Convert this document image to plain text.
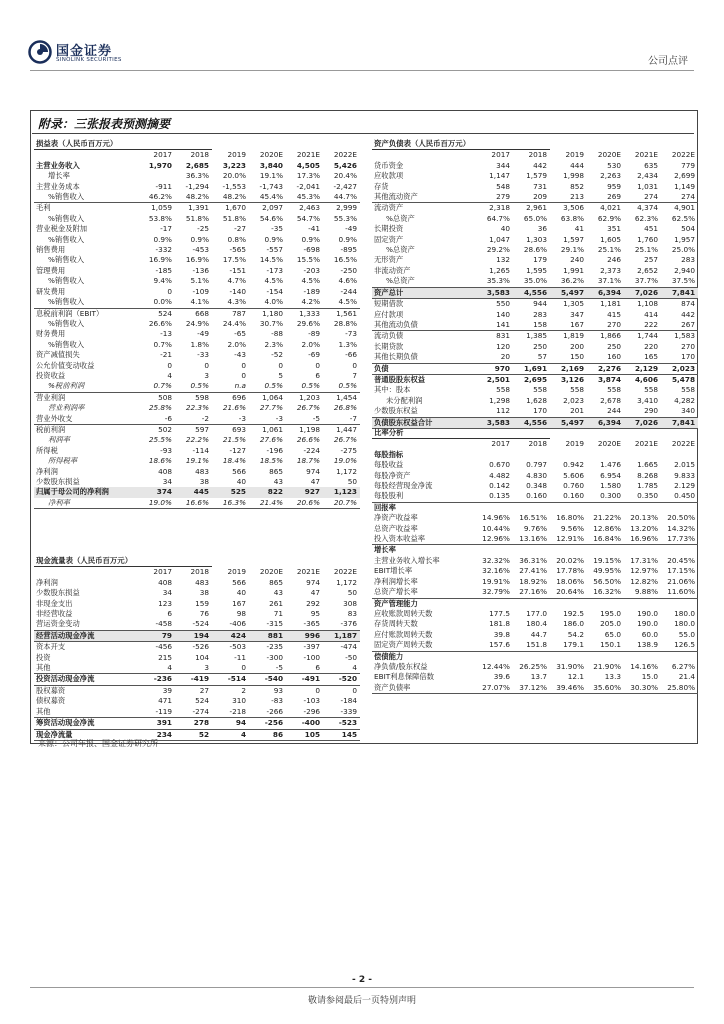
国金证券
SINOLINK SECURITIES	公司点评
附录：三张报表预测摘要
损益表（人民币百万元）						
	2017	2018	2019	2020E	2021E	2022E
主营业务收入	1,970	2,685	3,223	3,840	4,505	5,426
增长率		36.3%	20.0%	19.1%	17.3%	20.4%
主营业务成本	-911	-1,294	-1,553	-1,743	-2,041	-2,427
%销售收入	46.2%	48.2%	48.2%	45.4%	45.3%	44.7%
毛利	1,059	1,391	1,670	2,097	2,463	2,999
%销售收入	53.8%	51.8%	51.8%	54.6%	54.7%	55.3%
营业税金及附加	-17	-25	-27	-35	-41	-49
%销售收入	0.9%	0.9%	0.8%	0.9%	0.9%	0.9%
销售费用	-332	-453	-565	-557	-698	-895
%销售收入	16.9%	16.9%	17.5%	14.5%	15.5%	16.5%
管理费用	-185	-136	-151	-173	-203	-250
%销售收入	9.4%	5.1%	4.7%	4.5%	4.5%	4.6%
研发费用	0	-109	-140	-154	-189	-244
%销售收入	0.0%	4.1%	4.3%	4.0%	4.2%	4.5%
息税前利润（EBIT）	524	668	787	1,180	1,333	1,561
%销售收入	26.6%	24.9%	24.4%	30.7%	29.6%	28.8%
财务费用	-13	-49	-65	-88	-89	-73
%销售收入	0.7%	1.8%	2.0%	2.3%	2.0%	1.3%
资产减值损失	-21	-33	-43	-52	-69	-66
公允价值变动收益	0	0	0	0	0	0
投资收益	4	3	0	5	6	7
%税前利润	0.7%	0.5%	n.a	0.5%	0.5%	0.5%
营业利润	508	598	696	1,064	1,203	1,454
营业利润率	25.8%	22.3%	21.6%	27.7%	26.7%	26.8%
营业外收支	-6	-2	-3	-3	-5	-7
税前利润	502	597	693	1,061	1,198	1,447
利润率	25.5%	22.2%	21.5%	27.6%	26.6%	26.7%
所得税	-93	-114	-127	-196	-224	-275
所得税率	18.6%	19.1%	18.4%	18.5%	18.7%	19.0%
净利润	408	483	566	865	974	1,172
少数股东损益	34	38	40	43	47	50
归属于母公司的净利润	374	445	525	822	927	1,123
净利率	19.0%	16.6%	16.3%	21.4%	20.6%	20.7%
资产负债表（人民币百万元）						
	2017	2018	2019	2020E	2021E	2022E
货币资金	344	442	444	530	635	779
应收款项	1,147	1,579	1,998	2,263	2,434	2,699
存货	548	731	852	959	1,031	1,149
其他流动资产	279	209	213	269	274	274
流动资产	2,318	2,961	3,506	4,021	4,374	4,901
%总资产	64.7%	65.0%	63.8%	62.9%	62.3%	62.5%
长期投资	40	36	41	351	451	504
固定资产	1,047	1,303	1,597	1,605	1,760	1,957
%总资产	29.2%	28.6%	29.1%	25.1%	25.1%	25.0%
无形资产	132	179	240	246	257	283
非流动资产	1,265	1,595	1,991	2,373	2,652	2,940
%总资产	35.3%	35.0%	36.2%	37.1%	37.7%	37.5%
资产总计	3,583	4,556	5,497	6,394	7,026	7,841
短期借款	550	944	1,305	1,181	1,108	874
应付款项	140	283	347	415	414	442
其他流动负债	141	158	167	270	222	267
流动负债	831	1,385	1,819	1,866	1,744	1,583
长期贷款	120	250	200	250	220	270
其他长期负债	20	57	150	160	165	170
负债	970	1,691	2,169	2,276	2,129	2,023
普通股股东权益	2,501	2,695	3,126	3,874	4,606	5,478
其中：股本	558	558	558	558	558	558
未分配利润	1,298	1,628	2,023	2,678	3,410	4,282
少数股东权益	112	170	201	244	290	340
负债股东权益合计	3,583	4,556	5,497	6,394	7,026	7,841
比率分析						
	2017	2018	2019	2020E	2021E	2022E
每股指标						
每股收益	0.670	0.797	0.942	1.476	1.665	2.015
每股净资产	4.482	4.830	5.606	6.954	8.268	9.833
每股经营现金净流	0.142	0.348	0.760	1.580	1.785	2.129
每股股利	0.135	0.160	0.160	0.300	0.350	0.450
回报率						
净资产收益率	14.96%	16.51%	16.80%	21.22%	20.13%	20.50%
总资产收益率	10.44%	9.76%	9.56%	12.86%	13.20%	14.32%
投入资本收益率	12.96%	13.16%	12.91%	16.84%	16.96%	17.73%
增长率						
主营业务收入增长率	32.32%	36.31%	20.02%	19.15%	17.31%	20.45%
EBIT增长率	32.16%	27.41%	17.78%	49.95%	12.97%	17.15%
净利润增长率	19.91%	18.92%	18.06%	56.50%	12.82%	21.06%
总资产增长率	32.79%	27.16%	20.64%	16.32%	9.88%	11.60%
资产管理能力						
应收账款周转天数	177.5	177.0	192.5	195.0	190.0	180.0
存货周转天数	181.8	180.4	186.0	205.0	190.0	180.0
应付账款周转天数	39.8	44.7	54.2	65.0	60.0	55.0
固定资产周转天数	157.6	151.8	179.1	150.1	138.9	126.5
偿债能力						
净负债/股东权益	12.44%	26.25%	31.90%	21.90%	14.16%	6.27%
EBIT利息保障倍数	39.6	13.7	12.1	13.3	15.0	21.4
资产负债率	27.07%	37.12%	39.46%	35.60%	30.30%	25.80%
现金流量表（人民币百万元）						
	2017	2018	2019	2020E	2021E	2022E
净利润	408	483	566	865	974	1,172
少数股东损益	34	38	40	43	47	50
非现金支出	123	159	167	261	292	308
非经营收益	6	76	98	71	95	83
营运资金变动	-458	-524	-406	-315	-365	-376
经营活动现金净流	79	194	424	881	996	1,187
资本开支	-456	-526	-503	-235	-397	-474
投资	215	104	-11	-300	-100	-50
其他	4	3	0	-5	6	4
投资活动现金净流	-236	-419	-514	-540	-491	-520
股权募资	39	27	2	93	0	0
债权募资	471	524	310	-83	-103	-184
其他	-119	-274	-218	-266	-296	-339
筹资活动现金净流	391	278	94	-256	-400	-523
现金净流量	234	52	4	86	105	145
来源：公司年报、国金证券研究所
- 2 -
敬请参阅最后一页特别声明
